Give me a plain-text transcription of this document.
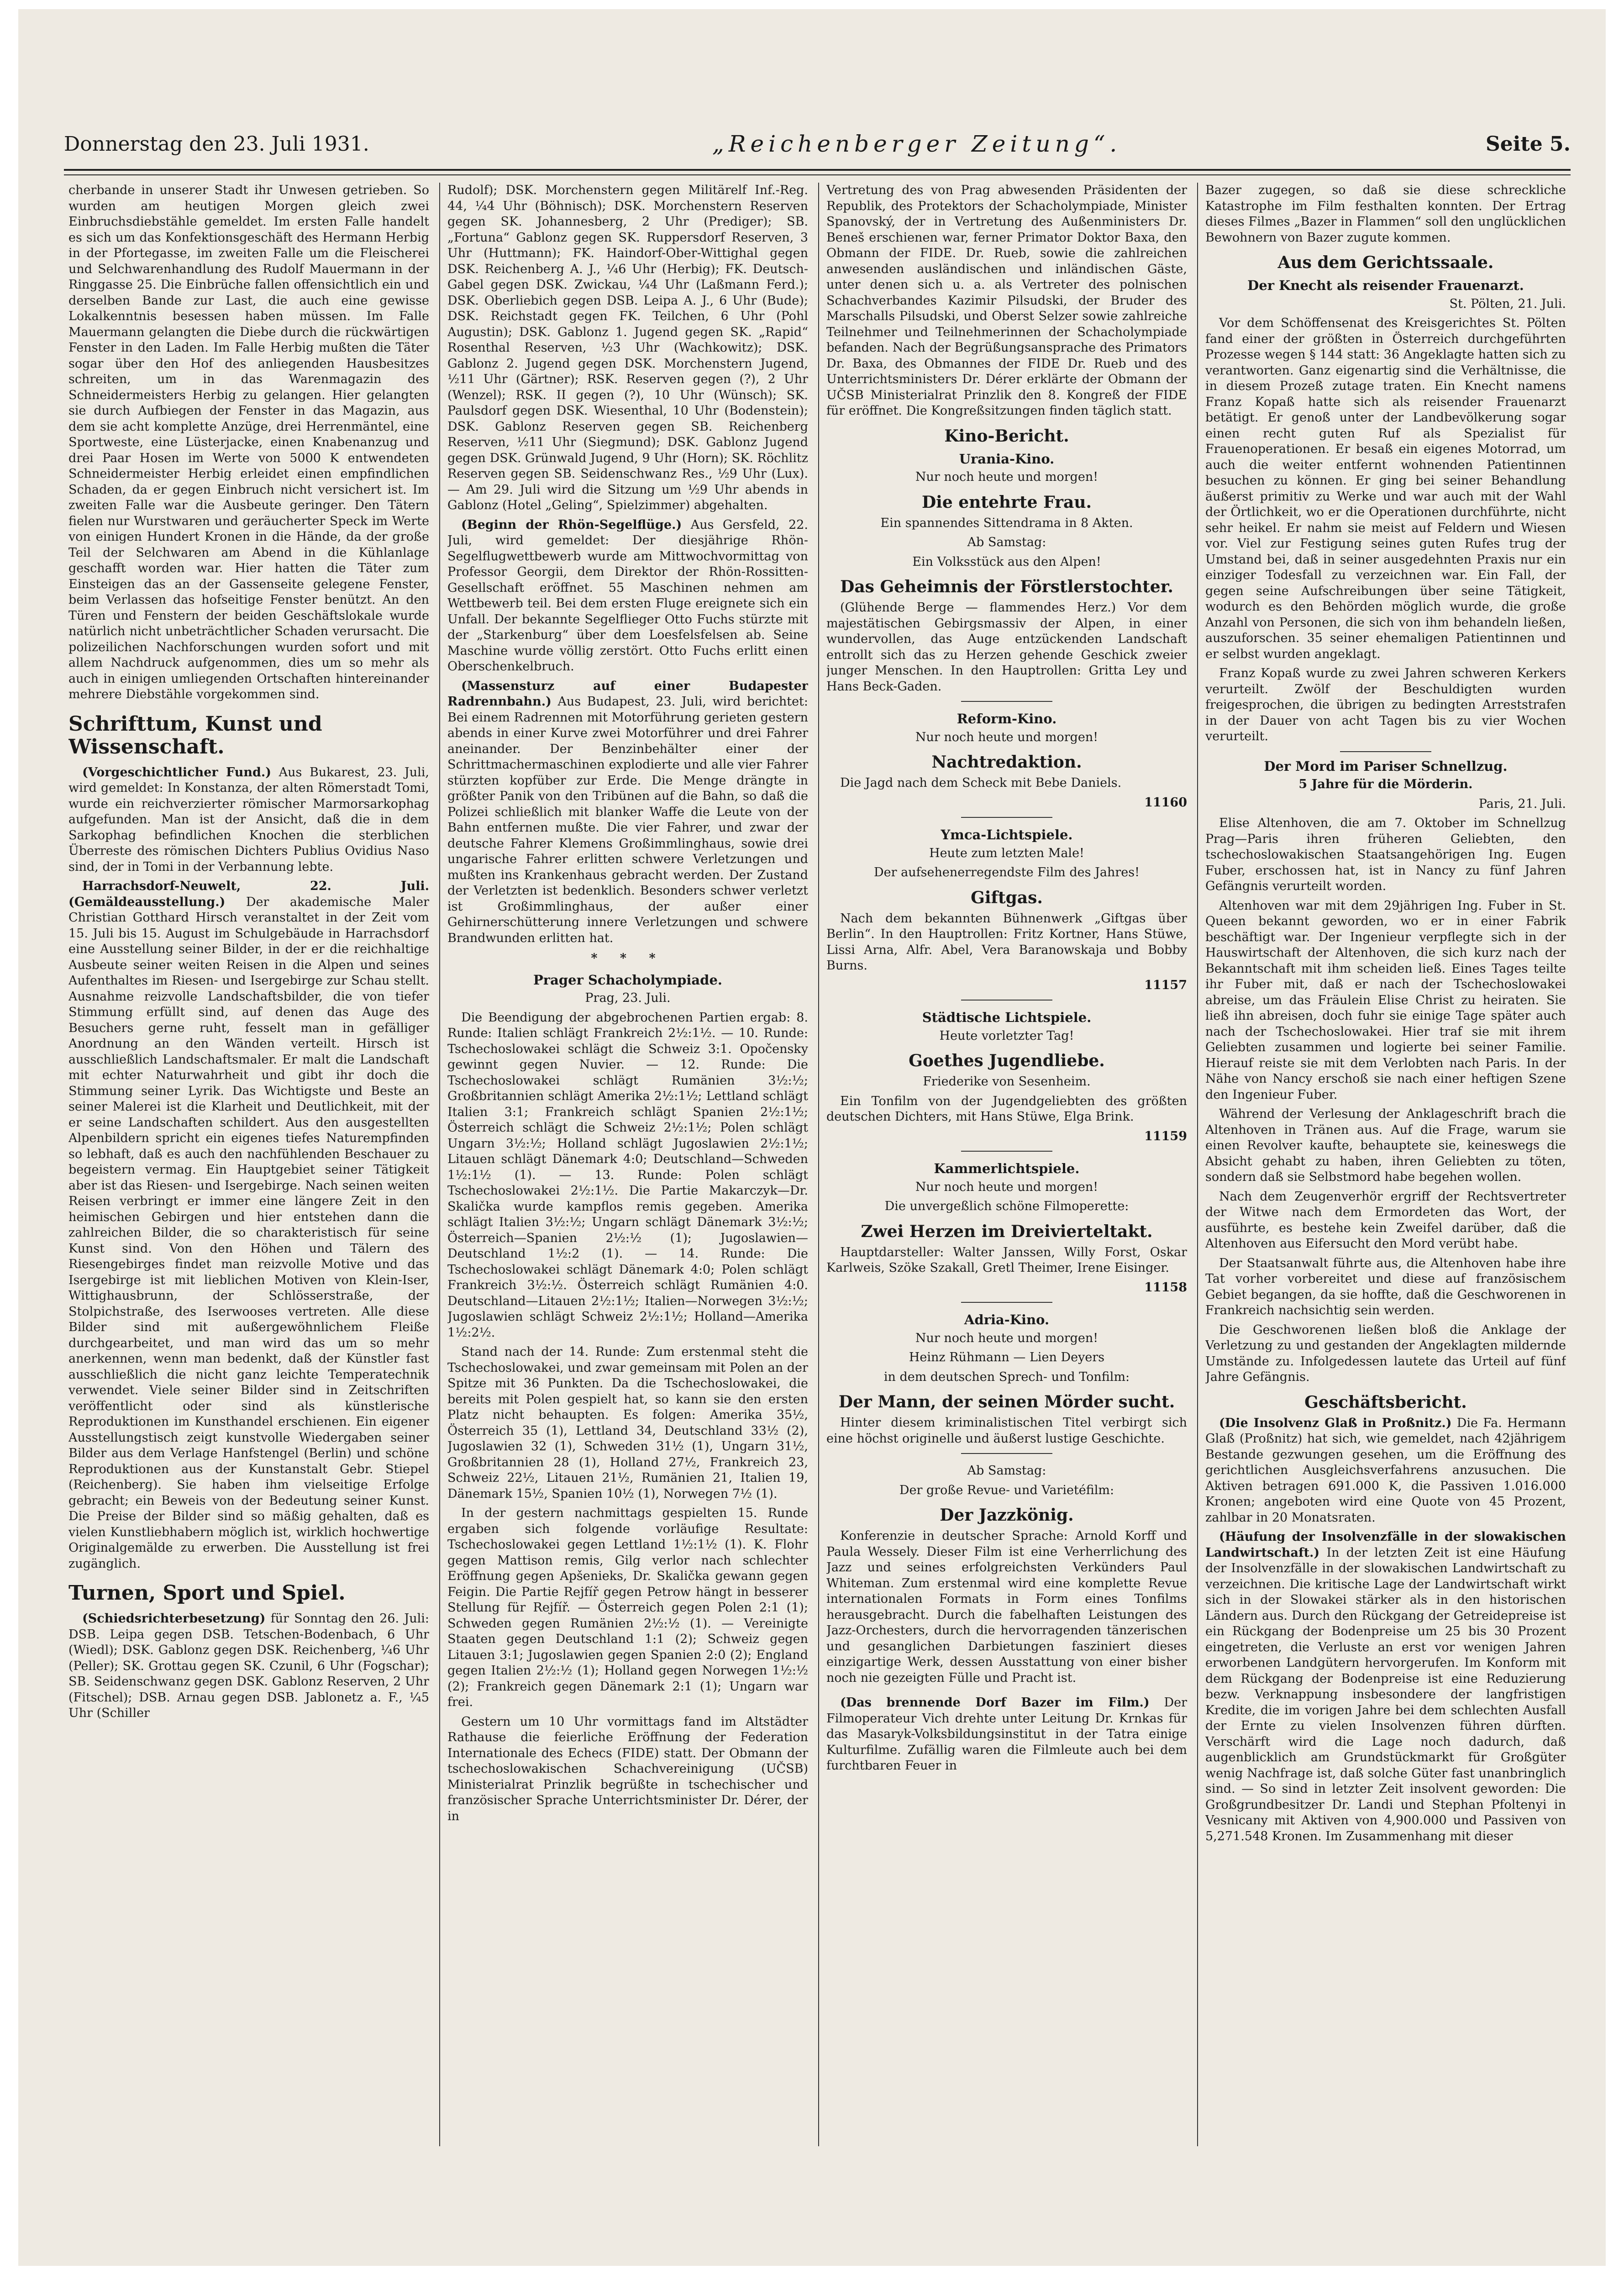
Donnerstag den 23. Juli 1931.	„Reichenberger Zeitung“.	Seite 5.

cherbande in unserer Stadt ihr Unwesen getrieben. So wurden am heutigen Morgen gleich zwei Einbruchsdiebstähle gemeldet. Im ersten Falle handelt es sich um das Konfektionsgeschäft des Hermann Herbig in der Pfortegasse, im zweiten Falle um die Fleischerei und Selchwarenhandlung des Rudolf Mauermann in der Ringgasse 25. Die Einbrüche fallen offensichtlich ein und derselben Bande zur Last, die auch eine gewisse Lokalkenntnis besessen haben müssen. Im Falle Mauermann gelangten die Diebe durch die rückwärtigen Fenster in den Laden. Im Falle Herbig mußten die Täter sogar über den Hof des anliegenden Hausbesitzes schreiten, um in das Warenmagazin des Schneidermeisters Herbig zu gelangen. Hier gelangten sie durch Aufbiegen der Fenster in das Magazin, aus dem sie acht komplette Anzüge, drei Herrenmäntel, eine Sportweste, eine Lüsterjacke, einen Knabenanzug und drei Paar Hosen im Werte von 5000 K entwendeten Schneidermeister Herbig erleidet einen empfindlichen Schaden, da er gegen Einbruch nicht versichert ist. Im zweiten Falle war die Ausbeute geringer. Den Tätern fielen nur Wurstwaren und geräucherter Speck im Werte von einigen Hundert Kronen in die Hände, da der große Teil der Selchwaren am Abend in die Kühlanlage geschafft worden war. Hier hatten die Täter zum Einsteigen das an der Gassenseite gelegene Fenster, beim Verlassen das hofseitige Fenster benützt. An den Türen und Fenstern der beiden Geschäftslokale wurde natürlich nicht unbeträchtlicher Schaden verursacht. Die polizeilichen Nachforschungen wurden sofort und mit allem Nachdruck aufgenommen, dies um so mehr als auch in einigen umliegenden Ortschaften hintereinander mehrere Diebstähle vorgekommen sind.

Schrifttum, Kunst und Wissenschaft.

(Vorgeschichtlicher Fund.) Aus Bukarest, 23. Juli, wird gemeldet: In Konstanza, der alten Römerstadt Tomi, wurde ein reichverzierter römischer Marmorsarkophag aufgefunden. Man ist der Ansicht, daß die in dem Sarkophag befindlichen Knochen die sterblichen Überreste des römischen Dichters Publius Ovidius Naso sind, der in Tomi in der Verbannung lebte.

Harrachsdorf-Neuwelt, 22. Juli. (Gemäldeausstellung.) Der akademische Maler Christian Gotthard Hirsch veranstaltet in der Zeit vom 15. Juli bis 15. August im Schulgebäude in Harrachsdorf eine Ausstellung seiner Bilder, in der er die reichhaltige Ausbeute seiner weiten Reisen in die Alpen und seines Aufenthaltes im Riesen- und Isergebirge zur Schau stellt. Ausnahme reizvolle Landschaftsbilder, die von tiefer Stimmung erfüllt sind, auf denen das Auge des Besuchers gerne ruht, fesselt man in gefälliger Anordnung an den Wänden verteilt. Hirsch ist ausschließlich Landschaftsmaler. Er malt die Landschaft mit echter Naturwahrheit und gibt ihr doch die Stimmung seiner Lyrik. Das Wichtigste und Beste an seiner Malerei ist die Klarheit und Deutlichkeit, mit der er seine Landschaften schildert. Aus den ausgestellten Alpenbildern spricht ein eigenes tiefes Naturempfinden so lebhaft, daß es auch den nachfühlenden Beschauer zu begeistern vermag. Ein Hauptgebiet seiner Tätigkeit aber ist das Riesen- und Isergebirge. Nach seinen weiten Reisen verbringt er immer eine längere Zeit in den heimischen Gebirgen und hier entstehen dann die zahlreichen Bilder, die so charakteristisch für seine Kunst sind. Von den Höhen und Tälern des Riesengebirges findet man reizvolle Motive und das Isergebirge ist mit lieblichen Motiven von Klein-Iser, Wittighausbrunn, der Schlösserstraße, der Stolpichstraße, des Iserwooses vertreten. Alle diese Bilder sind mit außergewöhnlichem Fleiße durchgearbeitet, und man wird das um so mehr anerkennen, wenn man bedenkt, daß der Künstler fast ausschließlich die nicht ganz leichte Temperatechnik verwendet. Viele seiner Bilder sind in Zeitschriften veröffentlicht oder sind als künstlerische Reproduktionen im Kunsthandel erschienen. Ein eigener Ausstellungstisch zeigt kunstvolle Wiedergaben seiner Bilder aus dem Verlage Hanfstengel (Berlin) und schöne Reproduktionen aus der Kunstanstalt Gebr. Stiepel (Reichenberg). Sie haben ihm vielseitige Erfolge gebracht; ein Beweis von der Bedeutung seiner Kunst. Die Preise der Bilder sind so mäßig gehalten, daß es vielen Kunstliebhabern möglich ist, wirklich hochwertige Originalgemälde zu erwerben. Die Ausstellung ist frei zugänglich.

Turnen, Sport und Spiel.

(Schiedsrichterbesetzung) für Sonntag den 26. Juli: DSB. Leipa gegen DSB. Tetschen-Bodenbach, 6 Uhr (Wiedl); DSK. Gablonz gegen DSK. Reichenberg, ¼6 Uhr (Peller); SK. Grottau gegen SK. Czunil, 6 Uhr (Fogschar); SB. Seidenschwanz gegen DSK. Gablonz Reserven, 2 Uhr (Fitschel); DSB. Arnau gegen DSB. Jablonetz a. F., ¼5 Uhr (Schiller

Rudolf); DSK. Morchenstern gegen Militärelf Inf.-Reg. 44, ¼4 Uhr (Böhnisch); DSK. Morchenstern Reserven gegen SK. Johannesberg, 2 Uhr (Prediger); SB. „Fortuna“ Gablonz gegen SK. Ruppersdorf Reserven, 3 Uhr (Huttmann); FK. Haindorf-Ober-Wittighal gegen DSK. Reichenberg A. J., ¼6 Uhr (Herbig); FK. Deutsch-Gabel gegen DSK. Zwickau, ¼4 Uhr (Laßmann Ferd.); DSK. Oberliebich gegen DSB. Leipa A. J., 6 Uhr (Bude); DSK. Reichstadt gegen FK. Teilchen, 6 Uhr (Pohl Augustin); DSK. Gablonz 1. Jugend gegen SK. „Rapid“ Rosenthal Reserven, ½3 Uhr (Wachkowitz); DSK. Gablonz 2. Jugend gegen DSK. Morchenstern Jugend, ½11 Uhr (Gärtner); RSK. Reserven gegen (?), 2 Uhr (Wenzel); RSK. II gegen (?), 10 Uhr (Wünsch); SK. Paulsdorf gegen DSK. Wiesenthal, 10 Uhr (Bodenstein); DSK. Gablonz Reserven gegen SB. Reichenberg Reserven, ½11 Uhr (Siegmund); DSK. Gablonz Jugend gegen DSK. Grünwald Jugend, 9 Uhr (Horn); SK. Röchlitz Reserven gegen SB. Seidenschwanz Res., ½9 Uhr (Lux). — Am 29. Juli wird die Sitzung um ½9 Uhr abends in Gablonz (Hotel „Geling“, Spielzimmer) abgehalten.

(Beginn der Rhön-Segelflüge.) Aus Gersfeld, 22. Juli, wird gemeldet: Der diesjährige Rhön-Segelflugwettbewerb wurde am Mittwochvormittag von Professor Georgii, dem Direktor der Rhön-Rossitten-Gesellschaft eröffnet. 55 Maschinen nehmen am Wettbewerb teil. Bei dem ersten Fluge ereignete sich ein Unfall. Der bekannte Segelflieger Otto Fuchs stürzte mit der „Starkenburg“ über dem Loesfelsfelsen ab. Seine Maschine wurde völlig zerstört. Otto Fuchs erlitt einen Oberschenkelbruch.

(Massensturz auf einer Budapester Radrennbahn.) Aus Budapest, 23. Juli, wird berichtet: Bei einem Radrennen mit Motorführung gerieten gestern abends in einer Kurve zwei Motorführer und drei Fahrer aneinander. Der Benzinbehälter einer der Schrittmachermaschinen explodierte und alle vier Fahrer stürzten kopfüber zur Erde. Die Menge drängte in größter Panik von den Tribünen auf die Bahn, so daß die Polizei schließlich mit blanker Waffe die Leute von der Bahn entfernen mußte. Die vier Fahrer, und zwar der deutsche Fahrer Klemens Großimmlinghaus, sowie drei ungarische Fahrer erlitten schwere Verletzungen und mußten ins Krankenhaus gebracht werden. Der Zustand der Verletzten ist bedenklich. Besonders schwer verletzt ist Großimmlinghaus, der außer einer Gehirnerschütterung innere Verletzungen und schwere Brandwunden erlitten hat.

* * *
Prager Schacholympiade.

Prag, 23. Juli.

Die Beendigung der abgebrochenen Partien ergab: 8. Runde: Italien schlägt Frankreich 2½:1½. — 10. Runde: Tschechoslowakei schlägt die Schweiz 3:1. Opočensky gewinnt gegen Nuvier. — 12. Runde: Die Tschechoslowakei schlägt Rumänien 3½:½; Großbritannien schlägt Amerika 2½:1½; Lettland schlägt Italien 3:1; Frankreich schlägt Spanien 2½:1½; Österreich schlägt die Schweiz 2½:1½; Polen schlägt Ungarn 3½:½; Holland schlägt Jugoslawien 2½:1½; Litauen schlägt Dänemark 4:0; Deutschland—Schweden 1½:1½ (1). — 13. Runde: Polen schlägt Tschechoslowakei 2½:1½. Die Partie Makarczyk—Dr. Skalička wurde kampflos remis gegeben. Amerika schlägt Italien 3½:½; Ungarn schlägt Dänemark 3½:½; Österreich—Spanien 2½:½ (1); Jugoslawien—Deutschland 1½:2 (1). — 14. Runde: Die Tschechoslowakei schlägt Dänemark 4:0; Polen schlägt Frankreich 3½:½. Österreich schlägt Rumänien 4:0. Deutschland—Litauen 2½:1½; Italien—Norwegen 3½:½; Jugoslawien schlägt Schweiz 2½:1½; Holland—Amerika 1½:2½.

Stand nach der 14. Runde: Zum erstenmal steht die Tschechoslowakei, und zwar gemeinsam mit Polen an der Spitze mit 36 Punkten. Da die Tschechoslowakei, die bereits mit Polen gespielt hat, so kann sie den ersten Platz nicht behaupten. Es folgen: Amerika 35½, Österreich 35 (1), Lettland 34, Deutschland 33½ (2), Jugoslawien 32 (1), Schweden 31½ (1), Ungarn 31½, Großbritannien 28 (1), Holland 27½, Frankreich 23, Schweiz 22½, Litauen 21½, Rumänien 21, Italien 19, Dänemark 15½, Spanien 10½ (1), Norwegen 7½ (1).

In der gestern nachmittags gespielten 15. Runde ergaben sich folgende vorläufige Resultate: Tschechoslowakei gegen Lettland 1½:1½ (1). K. Flohr gegen Mattison remis, Gilg verlor nach schlechter Eröffnung gegen Apšenieks, Dr. Skalička gewann gegen Feigin. Die Partie Rejfíř gegen Petrow hängt in besserer Stellung für Rejfíř. — Österreich gegen Polen 2:1 (1); Schweden gegen Rumänien 2½:½ (1). — Vereinigte Staaten gegen Deutschland 1:1 (2); Schweiz gegen Litauen 3:1; Jugoslawien gegen Spanien 2:0 (2); England gegen Italien 2½:½ (1); Holland gegen Norwegen 1½:½ (2); Frankreich gegen Dänemark 2:1 (1); Ungarn war frei.

Gestern um 10 Uhr vormittags fand im Altstädter Rathause die feierliche Eröffnung der Federation Internationale des Echecs (FIDE) statt. Der Obmann der tschechoslowakischen Schachvereinigung (UČSB) Ministerialrat Prinzlik begrüßte in tschechischer und französischer Sprache Unterrichtsminister Dr. Dérer, der in

Vertretung des von Prag abwesenden Präsidenten der Republik, des Protektors der Schacholympiade, Minister Spanovský, der in Vertretung des Außenministers Dr. Beneš erschienen war, ferner Primator Doktor Baxa, den Obmann der FIDE. Dr. Rueb, sowie die zahlreichen anwesenden ausländischen und inländischen Gäste, unter denen sich u. a. als Vertreter des polnischen Schachverbandes Kazimir Pilsudski, der Bruder des Marschalls Pilsudski, und Oberst Selzer sowie zahlreiche Teilnehmer und Teilnehmerinnen der Schacholympiade befanden. Nach der Begrüßungsansprache des Primators Dr. Baxa, des Obmannes der FIDE Dr. Rueb und des Unterrichtsministers Dr. Dérer erklärte der Obmann der UČSB Ministerialrat Prinzlik den 8. Kongreß der FIDE für eröffnet. Die Kongreßsitzungen finden täglich statt.

Kino-Bericht.
Urania-Kino.

Nur noch heute und morgen!

Die entehrte Frau.

Ein spannendes Sittendrama in 8 Akten.

Ab Samstag:

Ein Volksstück aus den Alpen!

Das Geheimnis der Förstlerstochter.

(Glühende Berge — flammendes Herz.) Vor dem majestätischen Gebirgsmassiv der Alpen, in einer wundervollen, das Auge entzückenden Landschaft entrollt sich das zu Herzen gehende Geschick zweier junger Menschen. In den Hauptrollen: Gritta Ley und Hans Beck-Gaden.

Reform-Kino.

Nur noch heute und morgen!

Nachtredaktion.

Die Jagd nach dem Scheck mit Bebe Daniels.

11160
Ymca-Lichtspiele.

Heute zum letzten Male!

Der aufsehenerregendste Film des Jahres!

Giftgas.

Nach dem bekannten Bühnenwerk „Giftgas über Berlin“. In den Hauptrollen: Fritz Kortner, Hans Stüwe, Lissi Arna, Alfr. Abel, Vera Baranowskaja und Bobby Burns.

11157
Städtische Lichtspiele.

Heute vorletzter Tag!

Goethes Jugendliebe.

Friederike von Sesenheim.

Ein Tonfilm von der Jugendgeliebten des größten deutschen Dichters, mit Hans Stüwe, Elga Brink.

11159
Kammerlichtspiele.

Nur noch heute und morgen!

Die unvergeßlich schöne Filmoperette:

Zwei Herzen im Dreivierteltakt.

Hauptdarsteller: Walter Janssen, Willy Forst, Oskar Karlweis, Szöke Szakall, Gretl Theimer, Irene Eisinger.

11158
Adria-Kino.

Nur noch heute und morgen!

Heinz Rühmann — Lien Deyers

in dem deutschen Sprech- und Tonfilm:

Der Mann, der seinen Mörder sucht.

Hinter diesem kriminalistischen Titel verbirgt sich eine höchst originelle und äußerst lustige Geschichte.

Ab Samstag:

Der große Revue- und Varietéfilm:

Der Jazzkönig.

Konferenzie in deutscher Sprache: Arnold Korff und Paula Wessely. Dieser Film ist eine Verherrlichung des Jazz und seines erfolgreichsten Verkünders Paul Whiteman. Zum erstenmal wird eine komplette Revue internationalen Formats in Form eines Tonfilms herausgebracht. Durch die fabelhaften Leistungen des Jazz-Orchesters, durch die hervorragenden tänzerischen und gesanglichen Darbietungen fasziniert dieses einzigartige Werk, dessen Ausstattung von einer bisher noch nie gezeigten Fülle und Pracht ist.

(Das brennende Dorf Bazer im Film.) Der Filmoperateur Vich drehte unter Leitung Dr. Krnkas für das Masaryk-Volksbildungsinstitut in der Tatra einige Kulturfilme. Zufällig waren die Filmleute auch bei dem furchtbaren Feuer in

Bazer zugegen, so daß sie diese schreckliche Katastrophe im Film festhalten konnten. Der Ertrag dieses Filmes „Bazer in Flammen“ soll den unglücklichen Bewohnern von Bazer zugute kommen.

Aus dem Gerichtssaale.
Der Knecht als reisender Frauenarzt.

St. Pölten, 21. Juli.

Vor dem Schöffensenat des Kreisgerichtes St. Pölten fand einer der größten in Österreich durchgeführten Prozesse wegen § 144 statt: 36 Angeklagte hatten sich zu verantworten. Ganz eigenartig sind die Verhältnisse, die in diesem Prozeß zutage traten. Ein Knecht namens Franz Kopaß hatte sich als reisender Frauenarzt betätigt. Er genoß unter der Landbevölkerung sogar einen recht guten Ruf als Spezialist für Frauenoperationen. Er besaß ein eigenes Motorrad, um auch die weiter entfernt wohnenden Patientinnen besuchen zu können. Er ging bei seiner Behandlung äußerst primitiv zu Werke und war auch mit der Wahl der Örtlichkeit, wo er die Operationen durchführte, nicht sehr heikel. Er nahm sie meist auf Feldern und Wiesen vor. Viel zur Festigung seines guten Rufes trug der Umstand bei, daß in seiner ausgedehnten Praxis nur ein einziger Todesfall zu verzeichnen war. Ein Fall, der gegen seine Aufschreibungen über seine Tätigkeit, wodurch es den Behörden möglich wurde, die große Anzahl von Personen, die sich von ihm behandeln ließen, auszuforschen. 35 seiner ehemaligen Patientinnen und er selbst wurden angeklagt.

Franz Kopaß wurde zu zwei Jahren schweren Kerkers verurteilt. Zwölf der Beschuldigten wurden freigesprochen, die übrigen zu bedingten Arreststrafen in der Dauer von acht Tagen bis zu vier Wochen verurteilt.

Der Mord im Pariser Schnellzug.

5 Jahre für die Mörderin.

Paris, 21. Juli.

Elise Altenhoven, die am 7. Oktober im Schnellzug Prag—Paris ihren früheren Geliebten, den tschechoslowakischen Staatsangehörigen Ing. Eugen Fuber, erschossen hat, ist in Nancy zu fünf Jahren Gefängnis verurteilt worden.

Altenhoven war mit dem 29jährigen Ing. Fuber in St. Queen bekannt geworden, wo er in einer Fabrik beschäftigt war. Der Ingenieur verpflegte sich in der Hauswirtschaft der Altenhoven, die sich kurz nach der Bekanntschaft mit ihm scheiden ließ. Eines Tages teilte ihr Fuber mit, daß er nach der Tschechoslowakei abreise, um das Fräulein Elise Christ zu heiraten. Sie ließ ihn abreisen, doch fuhr sie einige Tage später auch nach der Tschechoslowakei. Hier traf sie mit ihrem Geliebten zusammen und logierte bei seiner Familie. Hierauf reiste sie mit dem Verlobten nach Paris. In der Nähe von Nancy erschoß sie nach einer heftigen Szene den Ingenieur Fuber.

Während der Verlesung der Anklageschrift brach die Altenhoven in Tränen aus. Auf die Frage, warum sie einen Revolver kaufte, behauptete sie, keineswegs die Absicht gehabt zu haben, ihren Geliebten zu töten, sondern daß sie Selbstmord habe begehen wollen.

Nach dem Zeugenverhör ergriff der Rechtsvertreter der Witwe nach dem Ermordeten das Wort, der ausführte, es bestehe kein Zweifel darüber, daß die Altenhoven aus Eifersucht den Mord verübt habe.

Der Staatsanwalt führte aus, die Altenhoven habe ihre Tat vorher vorbereitet und diese auf französischem Gebiet begangen, da sie hoffte, daß die Geschworenen in Frankreich nachsichtig sein werden.

Die Geschworenen ließen bloß die Anklage der Verletzung zu und gestanden der Angeklagten mildernde Umstände zu. Infolgedessen lautete das Urteil auf fünf Jahre Gefängnis.

Geschäftsbericht.

(Die Insolvenz Glaß in Proßnitz.) Die Fa. Hermann Glaß (Proßnitz) hat sich, wie gemeldet, nach 42jährigem Bestande gezwungen gesehen, um die Eröffnung des gerichtlichen Ausgleichsverfahrens anzusuchen. Die Aktiven betragen 691.000 K, die Passiven 1.016.000 Kronen; angeboten wird eine Quote von 45 Prozent, zahlbar in 20 Monatsraten.

(Häufung der Insolvenzfälle in der slowakischen Landwirtschaft.) In der letzten Zeit ist eine Häufung der Insolvenzfälle in der slowakischen Landwirtschaft zu verzeichnen. Die kritische Lage der Landwirtschaft wirkt sich in der Slowakei stärker als in den historischen Ländern aus. Durch den Rückgang der Getreidepreise ist ein Rückgang der Bodenpreise um 25 bis 30 Prozent eingetreten, die Verluste an erst vor wenigen Jahren erworbenen Landgütern hervorgerufen. Im Konform mit dem Rückgang der Bodenpreise ist eine Reduzierung bezw. Verknappung insbesondere der langfristigen Kredite, die im vorigen Jahre bei dem schlechten Ausfall der Ernte zu vielen Insolvenzen führen dürften. Verschärft wird die Lage noch dadurch, daß augenblicklich am Grundstückmarkt für Großgüter wenig Nachfrage ist, daß solche Güter fast unanbringlich sind. — So sind in letzter Zeit insolvent geworden: Die Großgrundbesitzer Dr. Landi und Stephan Pfoltenyi in Vesnicany mit Aktiven von 4,900.000 und Passiven von 5,271.548 Kronen. Im Zusammenhang mit dieser
